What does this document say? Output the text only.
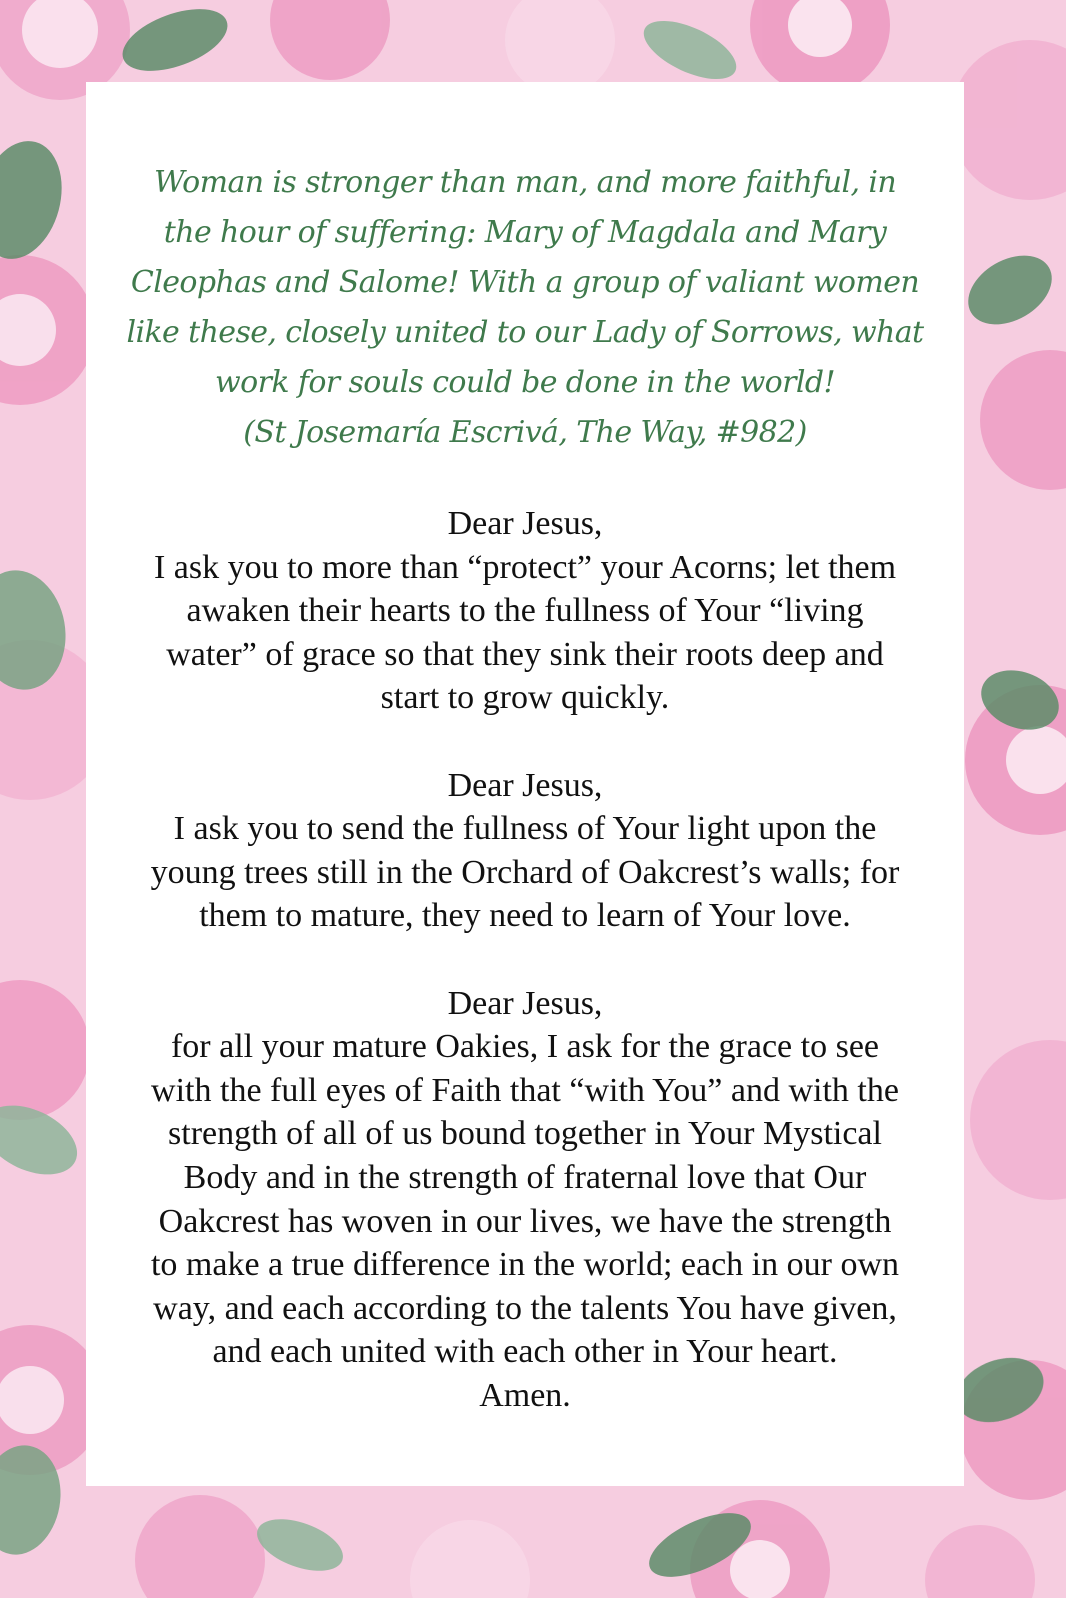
Woman is stronger than man, and more faithful, in

the hour of suffering: Mary of Magdala and Mary

Cleophas and Salome! With a group of valiant women

like these, closely united to our Lady of Sorrows, what

work for souls could be done in the world!

(St Josemaría Escrivá, The Way, #982)

Dear Jesus,
I ask you to more than “protect” your Acorns; let them
awaken their hearts to the fullness of Your “living
water” of grace so that they sink their roots deep and
start to grow quickly.
Dear Jesus,
I ask you to send the fullness of Your light upon the
young trees still in the Orchard of Oakcrest’s walls; for
them to mature, they need to learn of Your love.
Dear Jesus,
for all your mature Oakies, I ask for the grace to see
with the full eyes of Faith that “with You” and with the
strength of all of us bound together in Your Mystical
Body and in the strength of fraternal love that Our
Oakcrest has woven in our lives, we have the strength
to make a true difference in the world; each in our own
way, and each according to the talents You have given,
and each united with each other in Your heart.
Amen.
